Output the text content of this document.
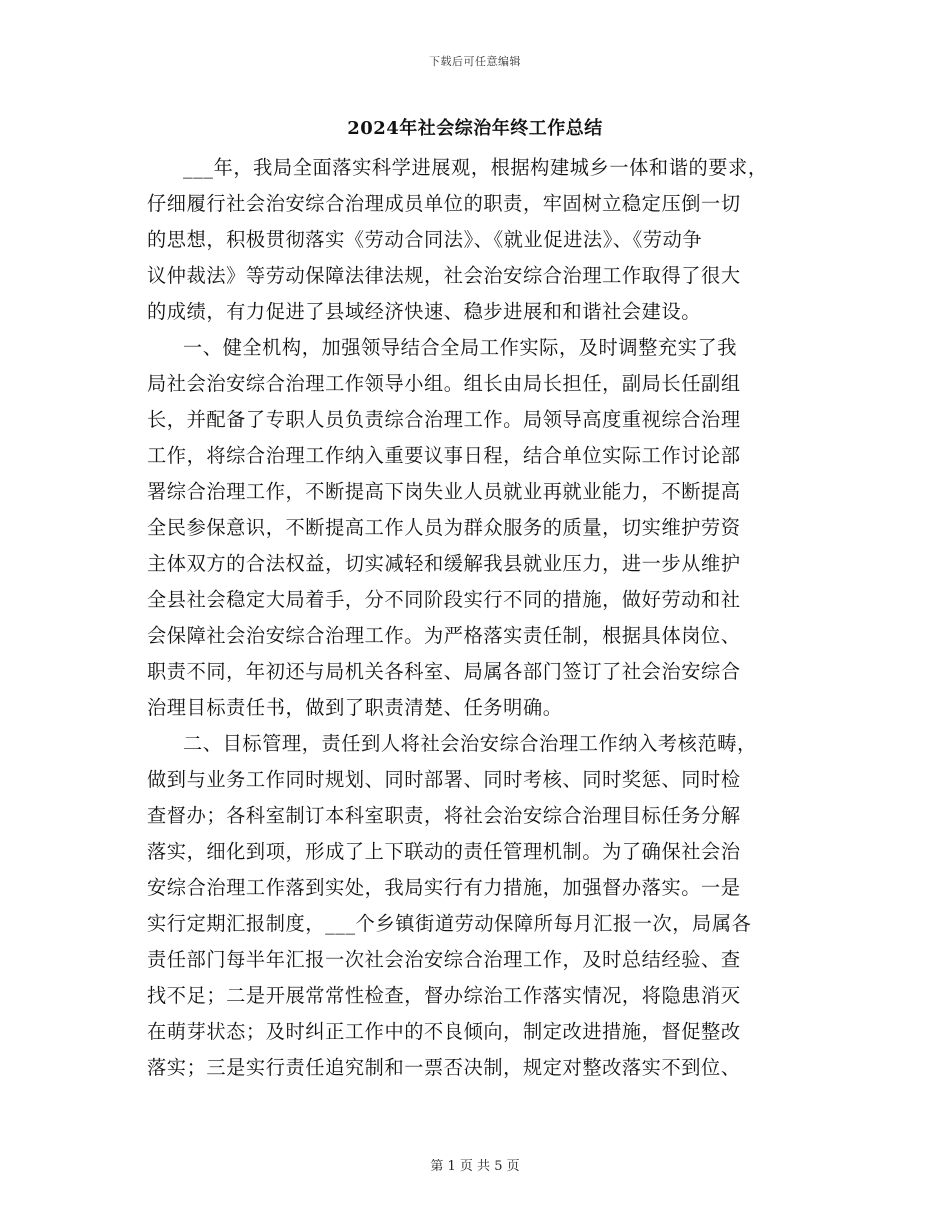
下载后可任意编辑
2024年社会综治年终工作总结
___年，我局全面落实科学进展观，根据构建城乡一体和谐的要求，
仔细履行社会治安综合治理成员单位的职责，牢固树立稳定压倒一切
的思想，积极贯彻落实《劳动合同法》、《就业促进法》、《劳动争
议仲裁法》等劳动保障法律法规，社会治安综合治理工作取得了很大
的成绩，有力促进了县域经济快速、稳步进展和和谐社会建设。
一、健全机构，加强领导结合全局工作实际，及时调整充实了我
局社会治安综合治理工作领导小组。组长由局长担任，副局长任副组
长，并配备了专职人员负责综合治理工作。局领导高度重视综合治理
工作，将综合治理工作纳入重要议事日程，结合单位实际工作讨论部
署综合治理工作，不断提高下岗失业人员就业再就业能力，不断提高
全民参保意识，不断提高工作人员为群众服务的质量，切实维护劳资
主体双方的合法权益，切实减轻和缓解我县就业压力，进一步从维护
全县社会稳定大局着手，分不同阶段实行不同的措施，做好劳动和社
会保障社会治安综合治理工作。为严格落实责任制，根据具体岗位、
职责不同，年初还与局机关各科室、局属各部门签订了社会治安综合
治理目标责任书，做到了职责清楚、任务明确。
二、目标管理，责任到人将社会治安综合治理工作纳入考核范畴，
做到与业务工作同时规划、同时部署、同时考核、同时奖惩、同时检
查督办；各科室制订本科室职责，将社会治安综合治理目标任务分解
落实，细化到项，形成了上下联动的责任管理机制。为了确保社会治
安综合治理工作落到实处，我局实行有力措施，加强督办落实。一是
实行定期汇报制度，___个乡镇街道劳动保障所每月汇报一次，局属各
责任部门每半年汇报一次社会治安综合治理工作，及时总结经验、查
找不足；二是开展常常性检查，督办综治工作落实情况，将隐患消灭
在萌芽状态；及时纠正工作中的不良倾向，制定改进措施，督促整改
落实；三是实行责任追究制和一票否决制，规定对整改落实不到位、
第 1 页 共 5 页
